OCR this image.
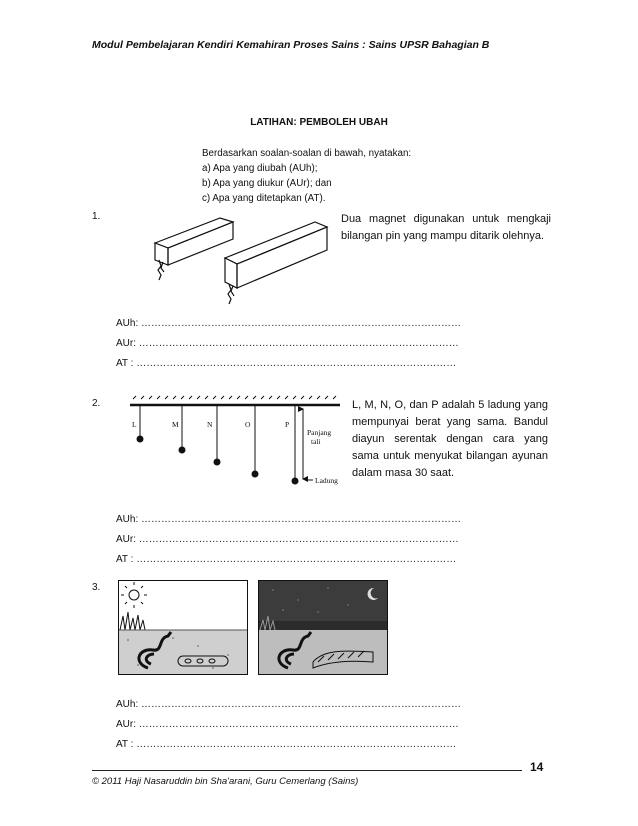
Modul Pembelajaran Kendiri Kemahiran Proses Sains : Sains UPSR Bahagian B
LATIHAN: PEMBOLEH UBAH
Berdasarkan soalan-soalan di bawah, nyatakan:
a) Apa yang diubah (AUh);
b) Apa yang diukur (AUr); dan
c) Apa yang ditetapkan (AT).
1.	Dua magnet digunakan untuk mengkaji bilangan pin yang mampu ditarik olehnya.
AUh: ……………………………………………………………………………………
AUr: ……………………………………………………………………………………
AT : ……………………………………………………………………………………
2.
L	M	N	O	P
Panjang
tali
Ladung
L, M, N, O, dan P adalah 5 ladung yang mempunyai berat yang sama. Bandul diayun serentak dengan cara yang sama untuk menyukat bilangan ayunan dalam masa 30 saat.
AUh: ……………………………………………………………………………………
AUr: ……………………………………………………………………………………
AT : ……………………………………………………………………………………
3.
AUh: ……………………………………………………………………………………
AUr: ……………………………………………………………………………………
AT : ……………………………………………………………………………………
14
© 2011 Haji Nasaruddin bin Sha'arani, Guru Cemerlang (Sains)
